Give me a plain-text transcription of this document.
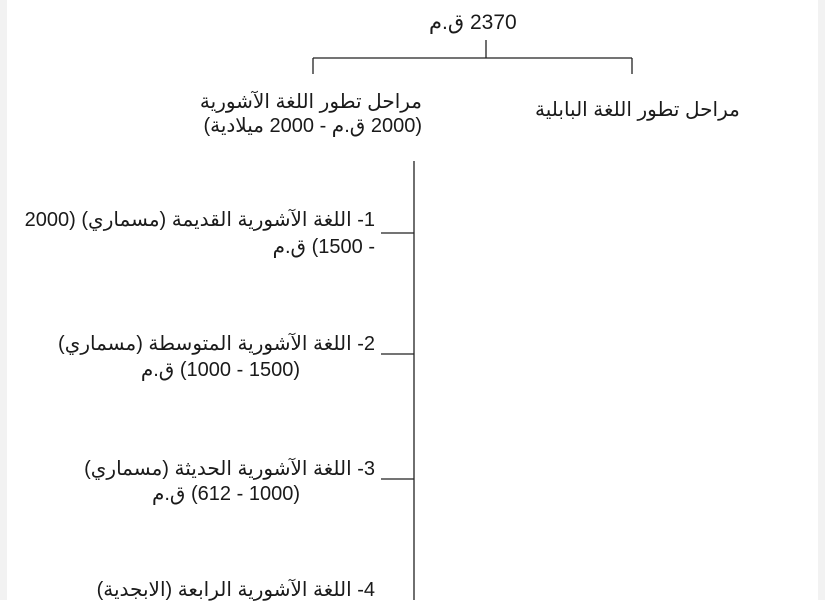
2370 ق.م
مراحل تطور اللغة الآشورية
(2000 ق.م - 2000 ميلادية)
مراحل تطور اللغة البابلية
1- اللغة الآشورية القديمة (مسماري) (2000
- 1500) ق.م
2- اللغة الآشورية المتوسطة (مسماري)
(1500 - 1000) ق.م
3- اللغة الآشورية الحديثة (مسماري)
(1000 - 612) ق.م
4- اللغة الآشورية الرابعة (الابجدية)
